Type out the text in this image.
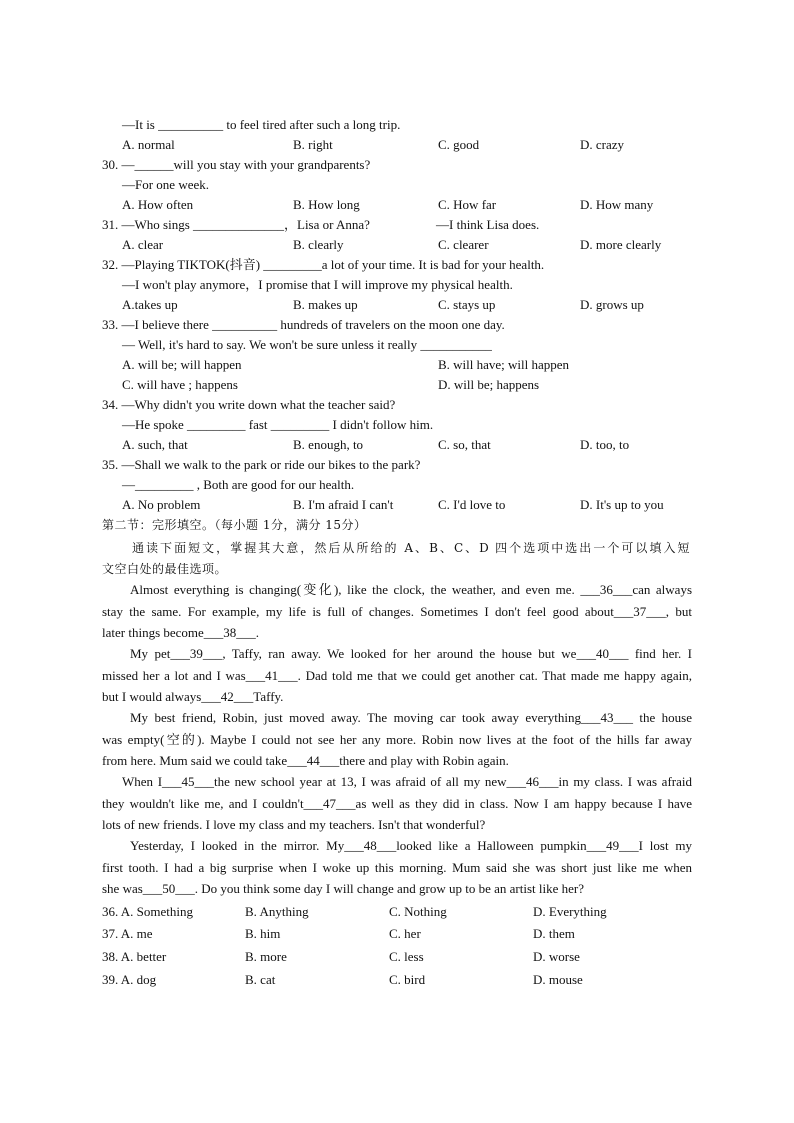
—It is __________ to feel tired after such a long trip.
A. normal	B. right	C. good	D. crazy
30. —______will you stay with your grandparents?
—For one week.
A. How often	B. How long	C. How far	D. How many
31. —Who sings ______________，Lisa or Anna?	—I think Lisa does.
A. clear	B. clearly	C. clearer	D. more clearly
32. —Playing TIKTOK(抖音) _________a lot of your time. It is bad for your health.
—I won't play anymore，I promise that I will improve my physical health.
A.takes up	B. makes up	C. stays up	D. grows up
33. —I believe there __________ hundreds of travelers on the moon one day.
— Well, it's hard to say. We won't be sure unless it really ___________
A. will be; will happen	B. will have; will happen
C. will have ; happens	D. will be; happens
34. —Why didn't you write down what the teacher said?
—He spoke _________ fast _________ I didn't follow him.
A. such, that	B. enough, to	C. so, that	D. too, to
35. —Shall we walk to the park or ride our bikes to the park?
—_________ , Both are good for our health.
A. No problem	B. I'm afraid I can't	C. I'd love to	D. It's up to you
第二节：完形填空。（每小题 1分，满分 15分）
通读下面短文，掌握其大意，然后从所给的 A、B、C、D 四个选项中选出一个可以填入短
文空白处的最佳选项。
Almost everything is changing(变化), like the clock, the weather, and even me. ___36___can always
stay the same. For example, my life is full of changes. Sometimes I don't feel good about___37___, but
later things become___38___.
My pet___39___, Taffy, ran away. We looked for her around the house but we___40___ find her. I
missed her a lot and I was___41___. Dad told me that we could get another cat. That made me happy again,
but I would always___42___Taffy.
My best friend, Robin, just moved away. The moving car took away everything___43___ the house
was empty(空的). Maybe I could not see her any more. Robin now lives at the foot of the hills far away
from here. Mum said we could take___44___there and play with Robin again.
When I___45___the new school year at 13, I was afraid of all my new___46___in my class. I was afraid
they wouldn't like me, and I couldn't___47___as well as they did in class. Now I am happy because I have
lots of new friends. I love my class and my teachers. Isn't that wonderful?
Yesterday, I looked in the mirror. My___48___looked like a Halloween pumpkin___49___I lost my
first tooth. I had a big surprise when I woke up this morning. Mum said she was short just like me when
she was___50___. Do you think some day I will change and grow up to be an artist like her?
36. A. Something	B. Anything	C. Nothing	D. Everything
37. A. me	B. him	C. her	D. them
38. A. better	B. more	C. less	D. worse
39. A. dog	B. cat	C. bird	D. mouse
